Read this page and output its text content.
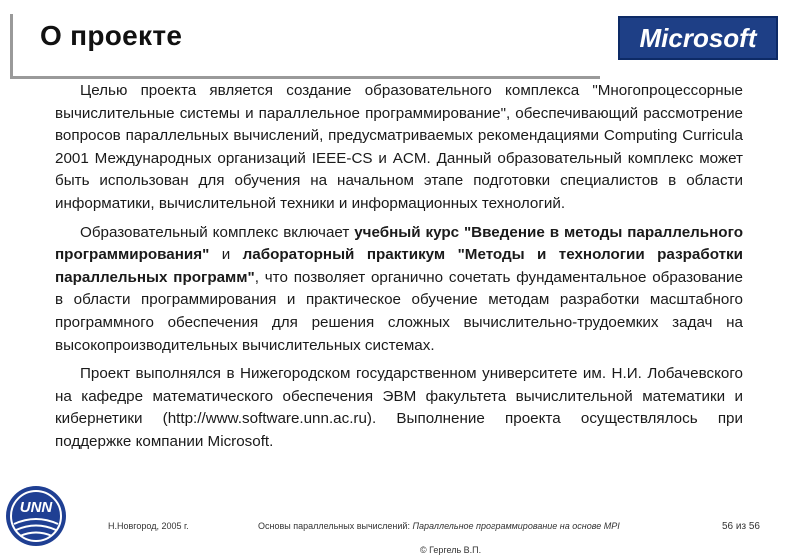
О проекте	Microsoft

Целью проекта является создание образовательного комплекса "Многопроцессорные вычислительные системы и параллельное программирование", обеспечивающий рассмотрение вопросов параллельных вычислений, предусматриваемых рекомендациями Computing Curricula 2001 Международных организаций IEEE-CS и ACM. Данный образовательный комплекс может быть использован для обучения на начальном этапе подготовки специалистов в области информатики, вычислительной техники и информационных технологий.

Образовательный комплекс включает учебный курс "Введение в методы параллельного программирования" и лабораторный практикум "Методы и технологии разработки параллельных программ", что позволяет органично сочетать фундаментальное образование в области программирования и практическое обучение методам разработки масштабного программного обеспечения для решения сложных вычислительно-трудоемких задач на высокопроизводительных вычислительных системах.

Проект выполнялся в Нижегородском государственном университете им. Н.И. Лобачевского на кафедре математического обеспечения ЭВМ факультета вычислительной математики и кибернетики (http://www.software.unn.ac.ru). Выполнение проекта осуществлялось при поддержке компании Microsoft.

UNN
Н.Новгород, 2005 г.	Основы параллельных вычислений: Параллельное программирование на основе MPI
© Гергель В.П.
56 из 56
